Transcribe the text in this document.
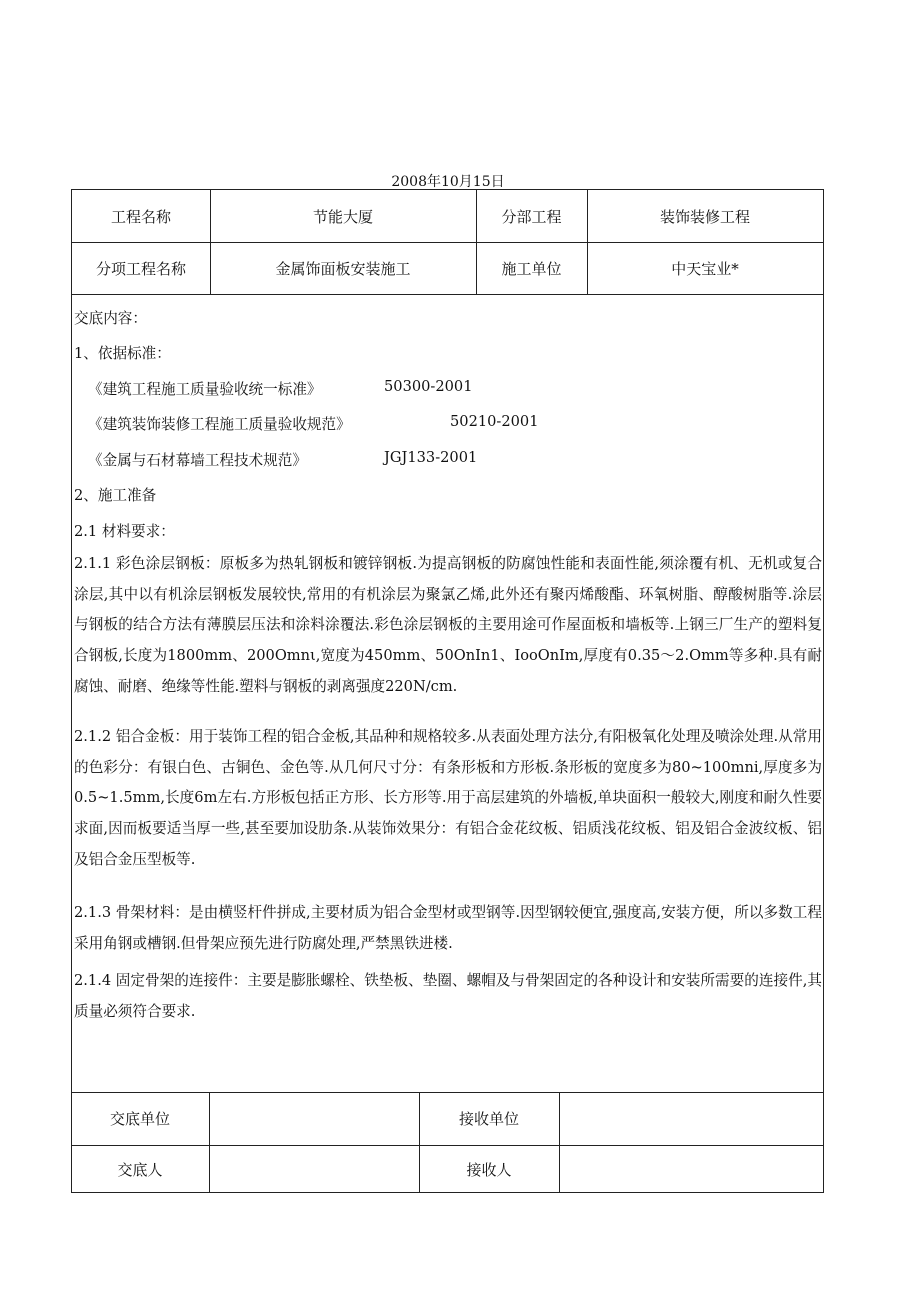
2008年10月15日
工程名称	节能大厦	分部工程	装饰装修工程
分项工程名称	金属饰面板安装施工	施工单位	中天宝业*
交底内容：
1、依据标准：
《建筑工程施工质量验收统一标准》	50300-2001
《建筑装饰装修工程施工质量验收规范》	50210-2001
《金属与石材幕墙工程技术规范》	JGJ133-2001
2、施工准备
2.1 材料要求：
2.1.1 彩色涂层钢板：原板多为热轧钢板和镀锌钢板.为提高钢板的防腐蚀性能和表面性能,须涂覆有机、无机或复合涂层,其中以有机涂层钢板发展较快,常用的有机涂层为聚氯乙烯,此外还有聚丙烯酸酯、环氧树脂、醇酸树脂等.涂层与钢板的结合方法有薄膜层压法和涂料涂覆法.彩色涂层钢板的主要用途可作屋面板和墙板等.上钢三厂生产的塑料复合钢板,长度为1800mm、200Omnι,宽度为450mm、50OnIn1、IooOnIm,厚度有0.35～2.Omm等多种.具有耐腐蚀、耐磨、绝缘等性能.塑料与钢板的剥离强度220N∕cm.
2.1.2 铝合金板：用于装饰工程的铝合金板,其品种和规格较多.从表面处理方法分,有阳极氧化处理及喷涂处理.从常用的色彩分：有银白色、古铜色、金色等.从几何尺寸分：有条形板和方形板.条形板的宽度多为80~100mni,厚度多为0.5~1.5mm,长度6m左右.方形板包括正方形、长方形等.用于高层建筑的外墙板,单块面积一般较大,刚度和耐久性要求面,因而板要适当厚一些,甚至要加设肋条.从装饰效果分：有铝合金花纹板、铝质浅花纹板、铝及铝合金波纹板、铝及铝合金压型板等.
2.1.3 骨架材料：是由横竖杆件拼成,主要材质为铝合金型材或型钢等.因型钢较便宜,强度高,安装方便，所以多数工程采用角钢或槽钢.但骨架应预先进行防腐处理,严禁黑铁进楼.
2.1.4 固定骨架的连接件：主要是膨胀螺栓、铁垫板、垫圈、螺帽及与骨架固定的各种设计和安装所需要的连接件,其质量必须符合要求.
交底单位	接收单位
交底人	接收人
